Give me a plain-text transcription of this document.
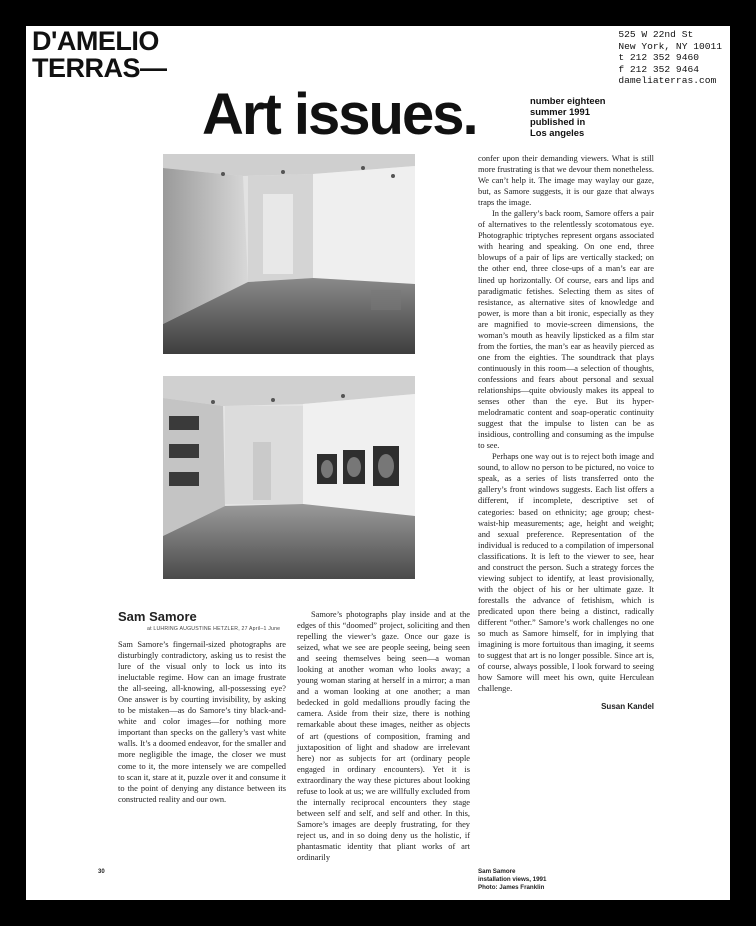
D'AMELIO
TERRAS—
525 W 22nd St
New York, NY 10011
t 212 352 9460
f 212 352 9464
dameliaterras.com
Art issues.	number eighteen
summer 1991
published in
Los angeles
Sam Samore
at LUHRING AUGUSTINE HETZLER, 27 April–1 June

Sam Samore’s fingernail-sized photographs are disturbingly contradictory, asking us to resist the lure of the visual only to lock us into its ineluctable regime. How can an image frustrate the all-seeing, all-knowing, all-possessing eye? One answer is by courting invisibility, by asking to be mistaken—as do Samore’s tiny black-and-white and color images—for nothing more important than specks on the gallery’s vast white walls. It’s a doomed endeavor, for the smaller and more negligible the image, the closer we must come to it, the more intensely we are compelled to scan it, stare at it, puzzle over it and consume it to the point of denying any distance between its constructed reality and our own.

Samore’s photographs play inside and at the edges of this “doomed” project, soliciting and then repelling the viewer’s gaze. Once our gaze is seized, what we see are people seeing, being seen and seeing themselves being seen—a woman looking at another woman who looks away; a young woman staring at herself in a mirror; a man and a woman looking at one another; a man bedecked in gold medallions proudly facing the camera. Aside from their size, there is nothing remarkable about these images, neither as objects of art (questions of composition, framing and juxtaposition of light and shadow are irrelevant here) nor as subjects for art (ordinary people engaged in ordinary encounters). Yet it is extraordinary the way these pictures about looking refuse to look at us; we are willfully excluded from the internally reciprocal encounters they stage between self and self, and self and other. In this, Samore’s images are deeply frustrating, for they reject us, and in so doing deny us the holistic, if phantasmatic identity that pliant works of art ordinarily

confer upon their demanding viewers. What is still more frustrating is that we devour them nonetheless. We can’t help it. The image may waylay our gaze, but, as Samore suggests, it is our gaze that always traps the image.

In the gallery’s back room, Samore offers a pair of alternatives to the relentlessly scotomatous eye. Photographic triptyches represent organs associated with hearing and speaking. On one end, three blowups of a pair of lips are vertically stacked; on the other end, three close-ups of a man’s ear are lined up horizontally. Of course, ears and lips and paradigmatic fetishes. Selecting them as sites of resistance, as alternative sites of knowledge and power, is more than a bit ironic, especially as they are magnified to movie-screen dimensions, the woman’s mouth as heavily lipsticked as a film star from the forties, the man’s ear as heavily pierced as one from the eighties. The soundtrack that plays continuously in this room—a selection of thoughts, confessions and fears about personal and sexual relationships—quite obviously makes its appeal to senses other than the eye. But its hyper-melodramatic content and soap-operatic continuity suggest that the impulse to listen can be as insidious, controlling and consuming as the impulse to see.

Perhaps one way out is to reject both image and sound, to allow no person to be pictured, no voice to speak, as a series of lists transferred onto the gallery’s front windows suggests. Each list offers a different, if incomplete, descriptive set of categories: based on ethnicity; age group; chest-waist-hip measurements; age, height and weight; and sexual preference. Representation of the individual is reduced to a compilation of impersonal classifications. It is left to the viewer to see, hear and construct the person. Such a strategy forces the viewing subject to identify, at least provisionally, with the object of his or her ultimate gaze. It forestalls the advance of fetishism, which is predicated upon there being a distinct, radically different “other.” Samore’s work challenges no one so much as Samore himself, for in implying that imagining is more fortuitous than imaging, it seems to suggest that art is no longer possible. Since art is, of course, always possible, I look forward to seeing how Samore will meet his own, quite Herculean challenge.

Susan Kandel

30	Sam Samore
installation views, 1991
Photo: James Franklin
